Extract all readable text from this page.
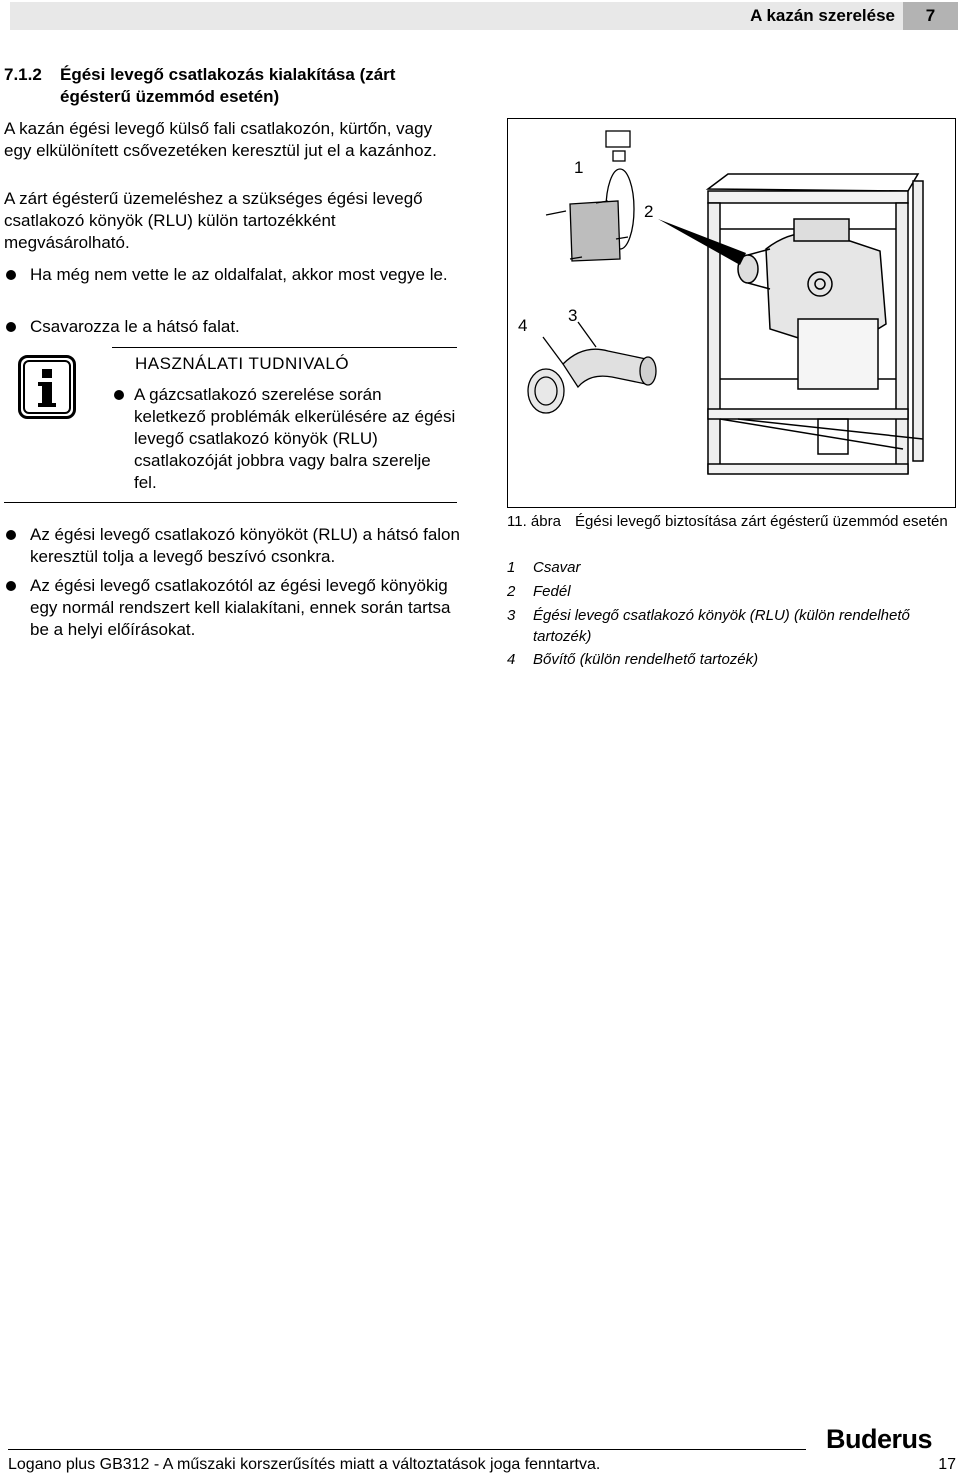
A kazán szerelése	7
7.1.2 Égési levegő csatlakozás kialakítása (zárt égésterű üzemmód esetén)
A kazán égési levegő külső fali csatlakozón, kürtőn, vagy egy elkülönített csővezetéken keresztül jut el a kazánhoz.
A zárt égésterű üzemeléshez a szükséges égési levegő csatlakozó könyök (RLU) külön tartozékként megvásárolható.
Ha még nem vette le az oldalfalat, akkor most vegye le.
Csavarozza le a hátsó falat.
HASZNÁLATI TUDNIVALÓ
A gázcsatlakozó szerelése során keletkező problémák elkerülésére az égési levegő csatlakozó könyök (RLU) csatlakozóját jobbra vagy balra szerelje fel.
Az égési levegő csatlakozó könyököt (RLU) a hátsó falon keresztül tolja a levegő beszívó csonkra.
Az égési levegő csatlakozótól az égési levegő könyökig egy normál rendszert kell kialakítani, ennek során tartsa be a helyi előírásokat.
1
2
3
4
11. ábra Égési levegő biztosítása zárt égésterű üzemmód esetén
1 Csavar
2 Fedél
3 Égési levegő csatlakozó könyök (RLU) (külön rendelhető tartozék)
4 Bővítő (külön rendelhető tartozék)
Buderus
Logano plus GB312 - A műszaki korszerűsítés miatt a változtatások joga fenntartva.	17
